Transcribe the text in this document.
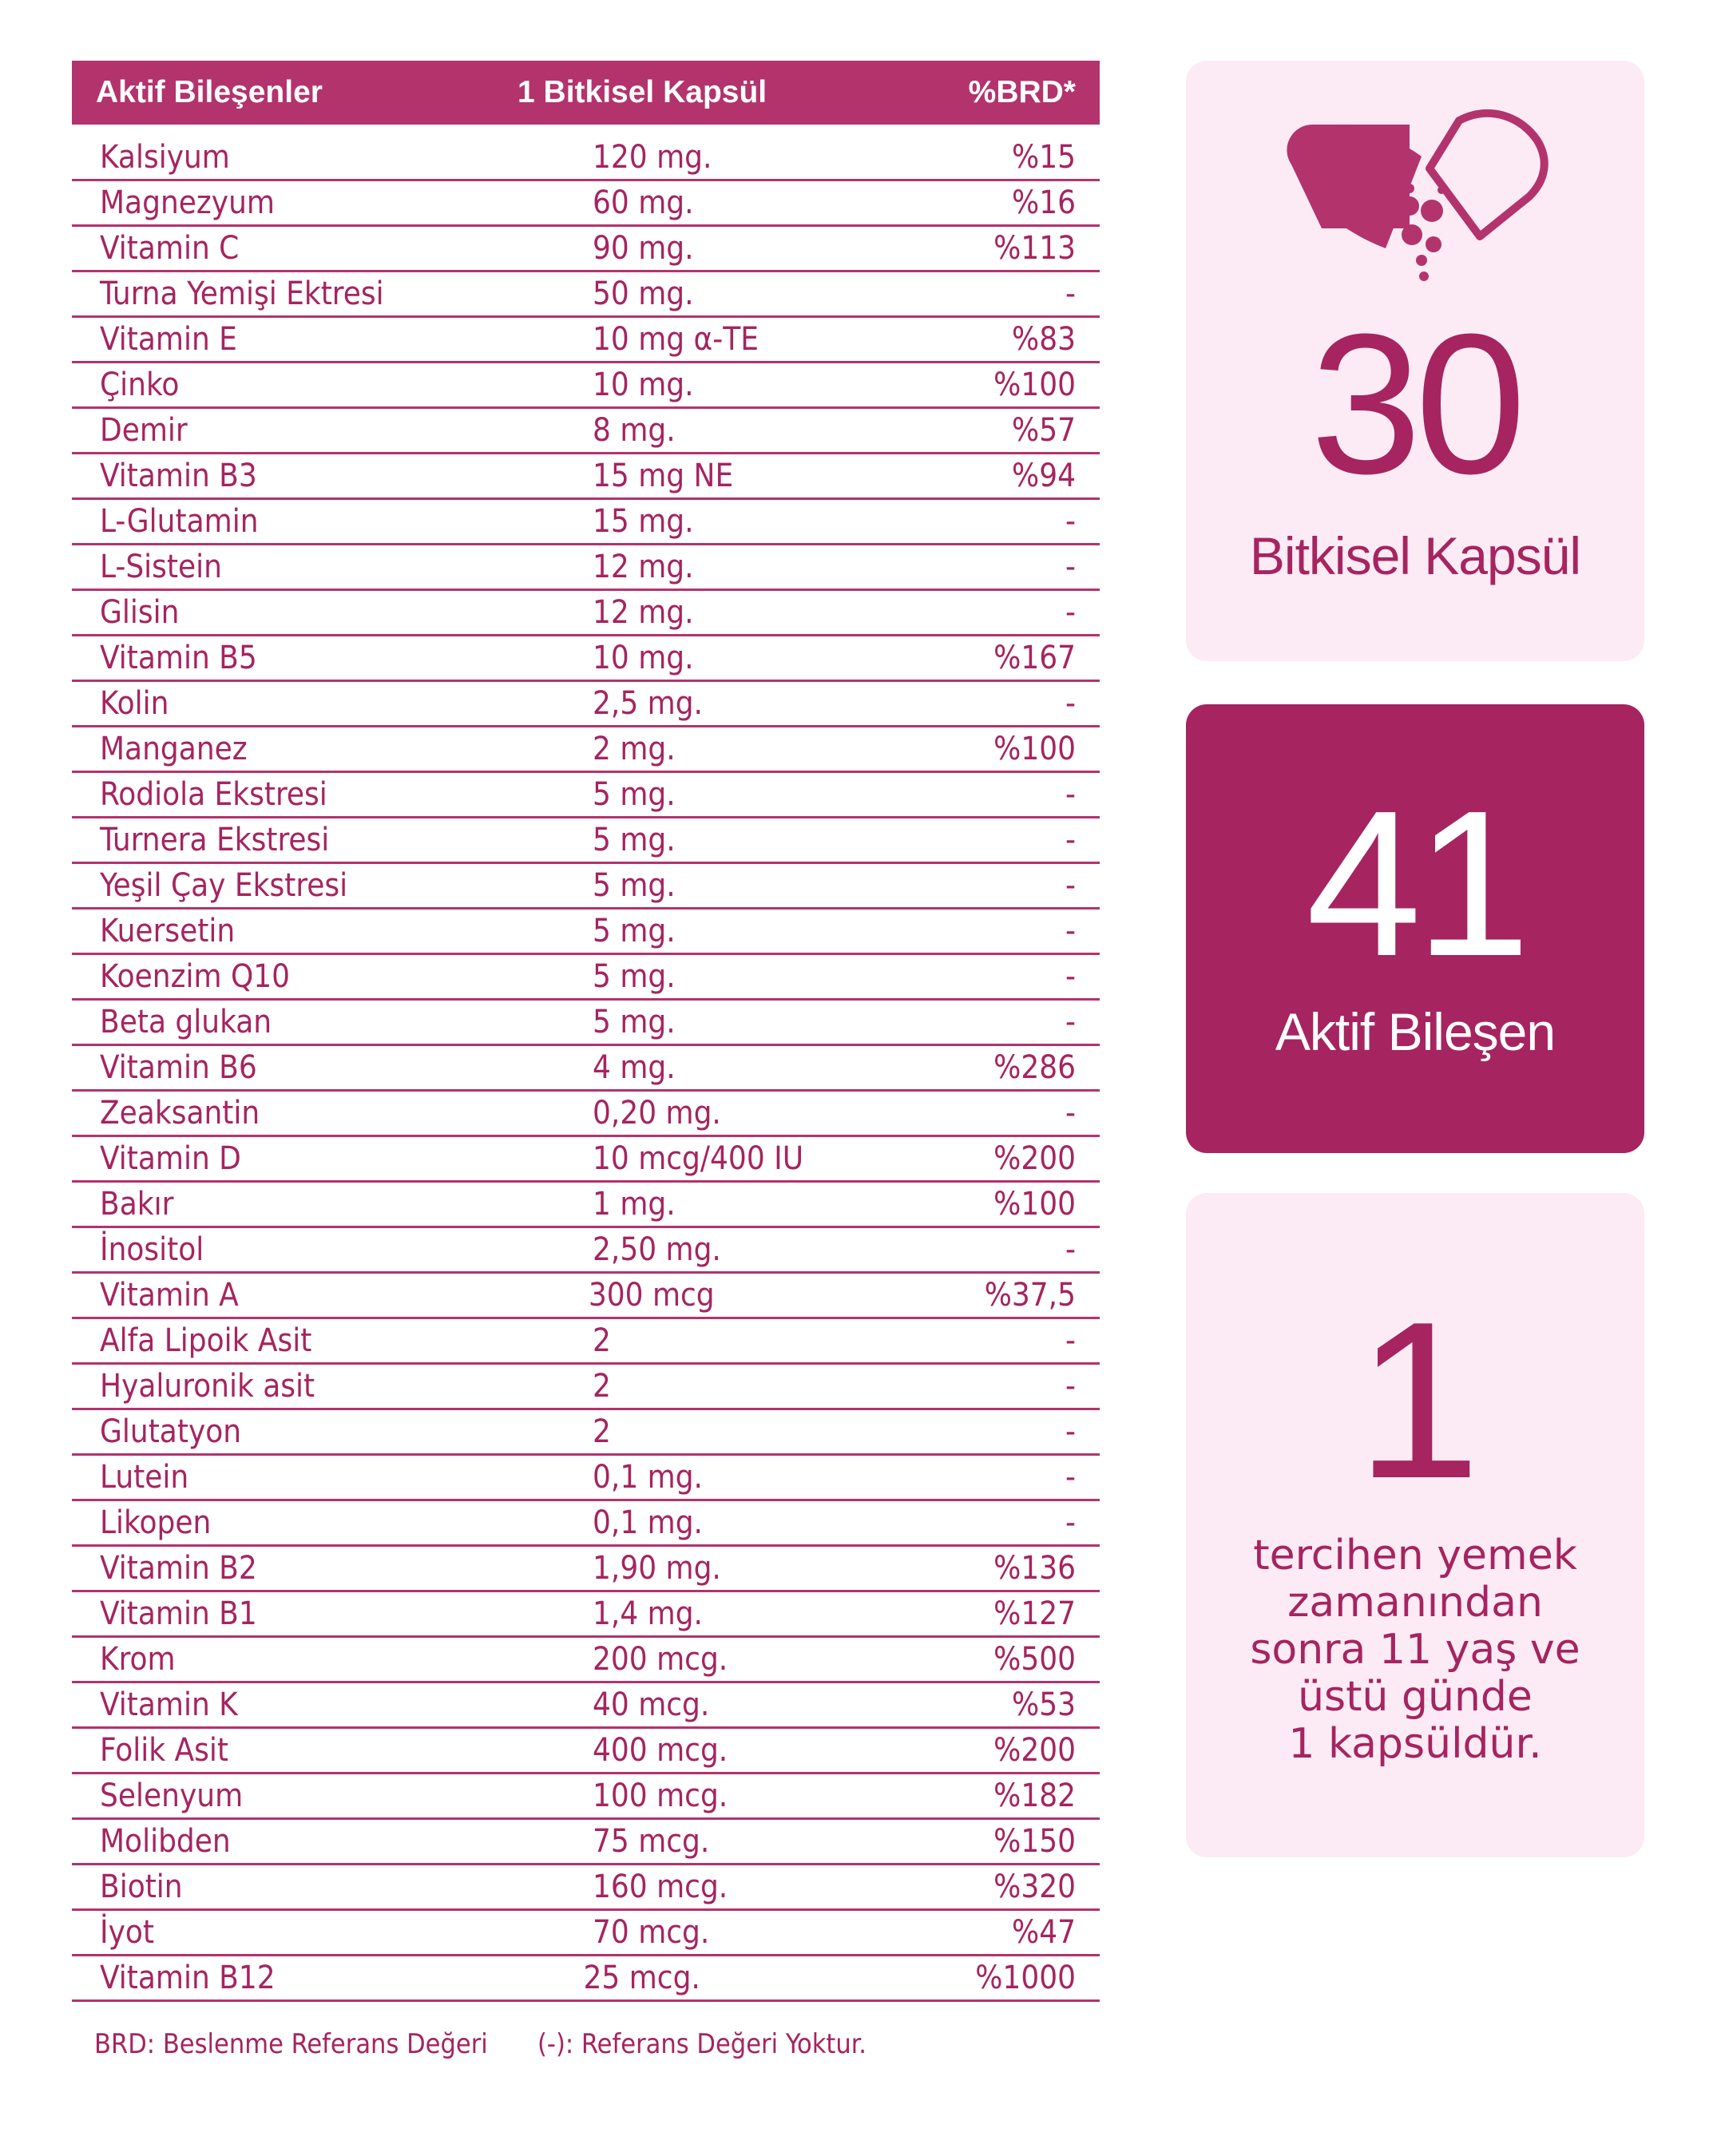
Aktif Bileşenler	1 Bitkisel Kapsül	%BRD*
Kalsiyum	120 mg.	%15
Magnezyum	60 mg.	%16
Vitamin C	90 mg.	%113
Turna Yemişi Ektresi	50 mg.	-
Vitamin E	10 mg α-TE	%83
Çinko	10 mg.	%100
Demir	8 mg.	%57
Vitamin B3	15 mg NE	%94
L-Glutamin	15 mg.	-
L-Sistein	12 mg.	-
Glisin	12 mg.	-
Vitamin B5	10 mg.	%167
Kolin	2,5 mg.	-
Manganez	2 mg.	%100
Rodiola Ekstresi	5 mg.	-
Turnera Ekstresi	5 mg.	-
Yeşil Çay Ekstresi	5 mg.	-
Kuersetin	5 mg.	-
Koenzim Q10	5 mg.	-
Beta glukan	5 mg.	-
Vitamin B6	4 mg.	%286
Zeaksantin	0,20 mg.	-
Vitamin D	10 mcg/400 IU	%200
Bakır	1 mg.	%100
İnositol	2,50 mg.	-
Vitamin A	300 mcg	%37,5
Alfa Lipoik Asit	2	-
Hyaluronik asit	2	-
Glutatyon	2	-
Lutein	0,1 mg.	-
Likopen	0,1 mg.	-
Vitamin B2	1,90 mg.	%136
Vitamin B1	1,4 mg.	%127
Krom	200 mcg.	%500
Vitamin K	40 mcg.	%53
Folik Asit	400 mcg.	%200
Selenyum	100 mcg.	%182
Molibden	75 mcg.	%150
Biotin	160 mcg.	%320
İyot	70 mcg.	%47
Vitamin B12	25 mcg.	%1000
BRD: Beslenme Referans Değeri (-): Referans Değeri Yoktur.
30
Bitkisel Kapsül
41
Aktif Bileşen
1
tercihen yemek
zamanından
sonra 11 yaş ve
üstü günde
1 kapsüldür.
